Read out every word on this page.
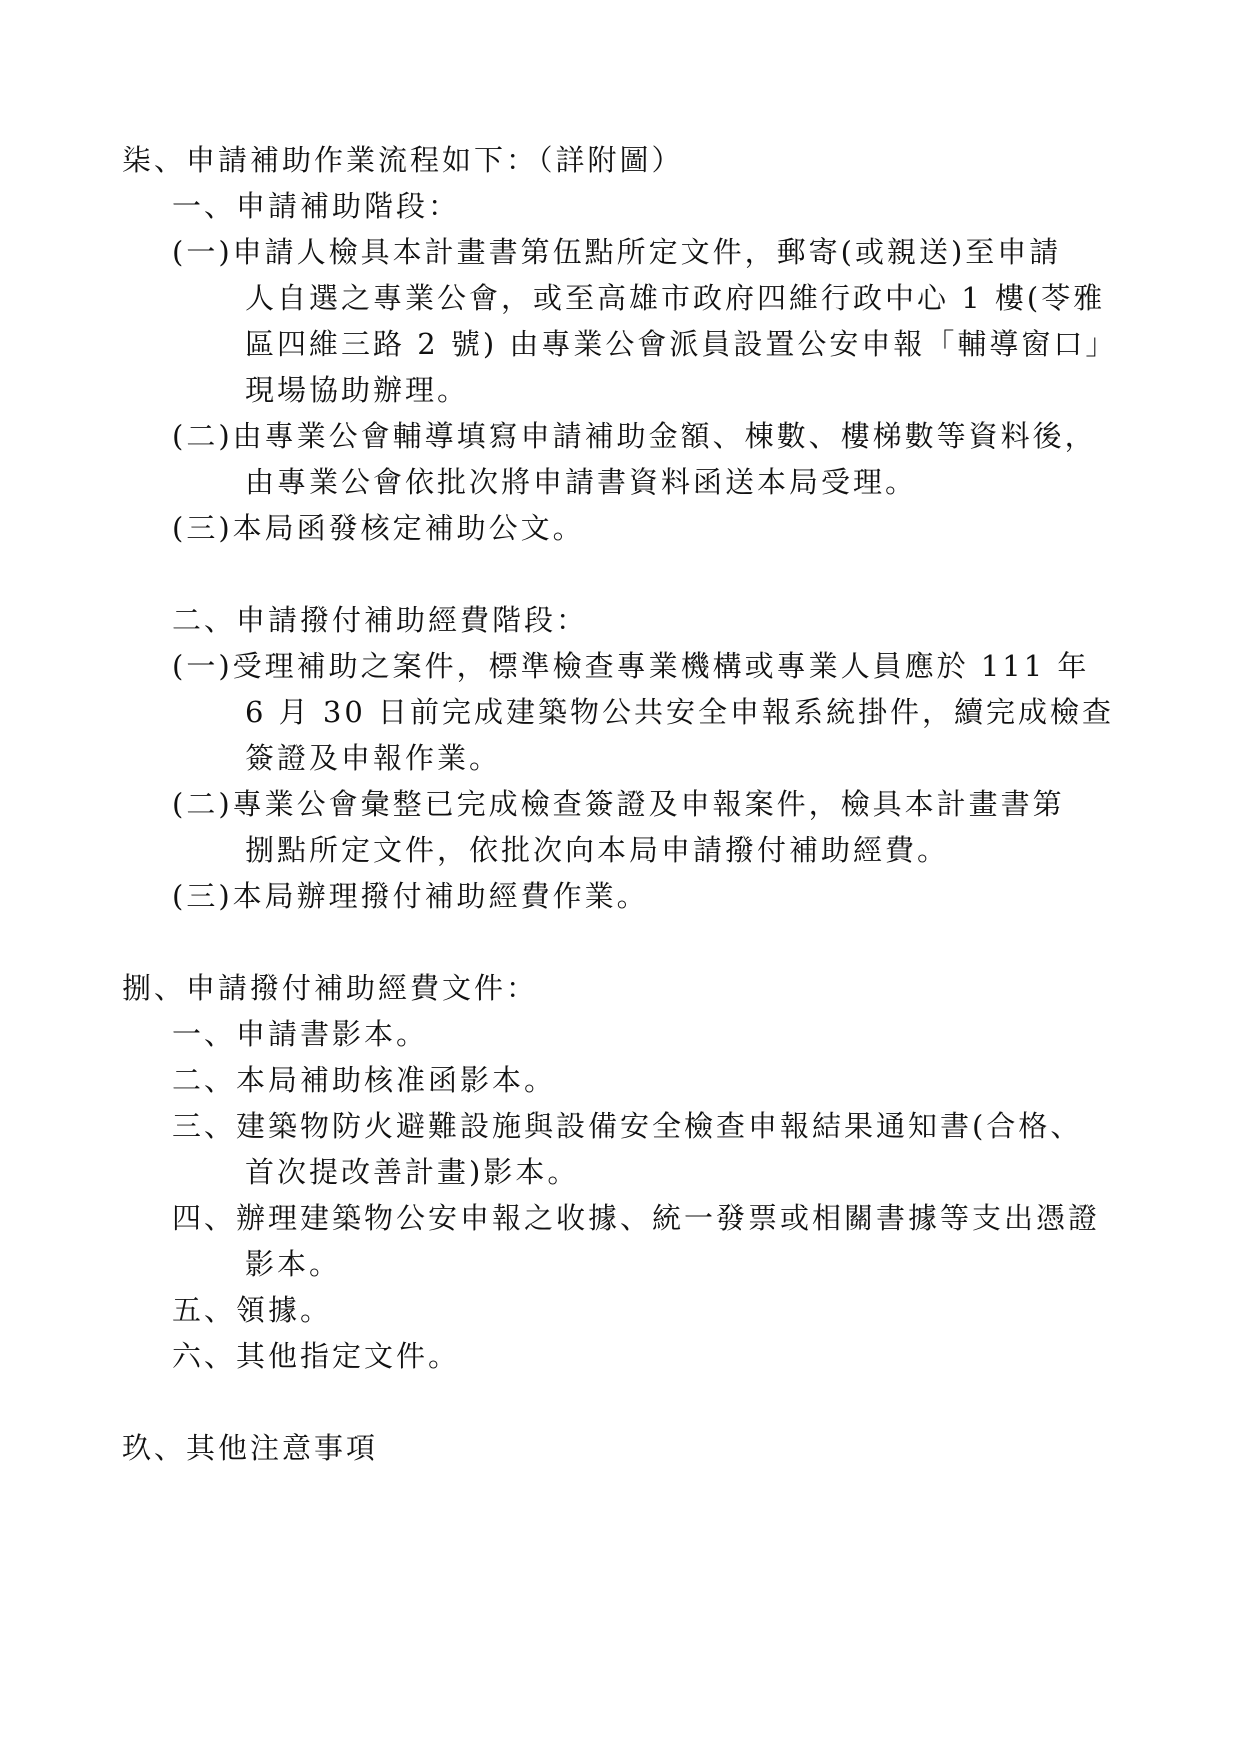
柒、申請補助作業流程如下：（詳附圖）
一、申請補助階段：
(一)申請人檢具本計畫書第伍點所定文件，郵寄(或親送)至申請
人自選之專業公會，或至高雄市政府四維行政中心 1 樓(苓雅
區四維三路 2 號) 由專業公會派員設置公安申報「輔導窗口」
現場協助辦理。
(二)由專業公會輔導填寫申請補助金額、棟數、樓梯數等資料後，
由專業公會依批次將申請書資料函送本局受理。
(三)本局函發核定補助公文。
二、申請撥付補助經費階段：
(一)受理補助之案件，標準檢查專業機構或專業人員應於 111 年
6 月 30 日前完成建築物公共安全申報系統掛件，續完成檢查
簽證及申報作業。
(二)專業公會彙整已完成檢查簽證及申報案件，檢具本計畫書第
捌點所定文件，依批次向本局申請撥付補助經費。
(三)本局辦理撥付補助經費作業。
捌、申請撥付補助經費文件：
一、申請書影本。
二、本局補助核准函影本。
三、建築物防火避難設施與設備安全檢查申報結果通知書(合格、
首次提改善計畫)影本。
四、辦理建築物公安申報之收據、統一發票或相關書據等支出憑證
影本。
五、領據。
六、其他指定文件。
玖、其他注意事項
